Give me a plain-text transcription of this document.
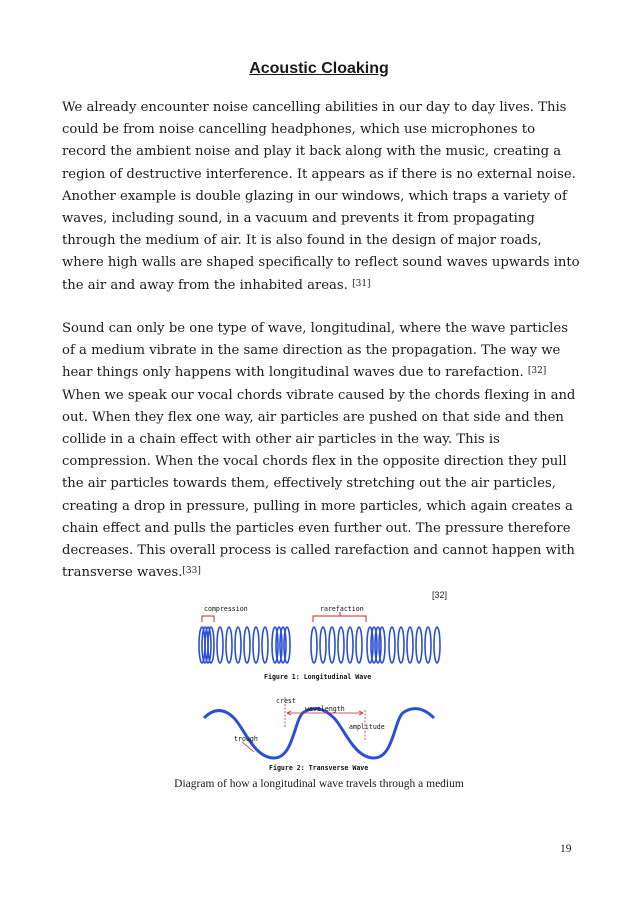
Acoustic Cloaking
We already encounter noise cancelling abilities in our day to day lives. This could be from noise cancelling headphones, which use microphones to record the ambient noise and play it back along with the music, creating a region of destructive interference. It appears as if there is no external noise. Another example is double glazing in our windows, which traps a variety of waves, including sound, in a vacuum and prevents it from propagating through the medium of air. It is also found in the design of major roads, where high walls are shaped specifically to reflect sound waves upwards into the air and away from the inhabited areas. [31]
Sound can only be one type of wave, longitudinal, where the wave particles of a medium vibrate in the same direction as the propagation. The way we hear things only happens with longitudinal waves due to rarefaction. [32] When we speak our vocal chords vibrate caused by the chords flexing in and out. When they flex one way, air particles are pushed on that side and then collide in a chain effect with other air particles in the way. This is compression. When the vocal chords flex in the opposite direction they pull the air particles towards them, effectively stretching out the air particles, creating a drop in pressure, pulling in more particles, which again creates a chain effect and pulls the particles even further out. The pressure therefore decreases. This overall process is called rarefaction and cannot happen with transverse waves.[33]
[32]
compression	rarefaction
Figure 1: Longitudinal Wave
crest
wavelength
amplitude
trough
Figure 2: Transverse Wave
Diagram of how a longitudinal wave travels through a medium
19
